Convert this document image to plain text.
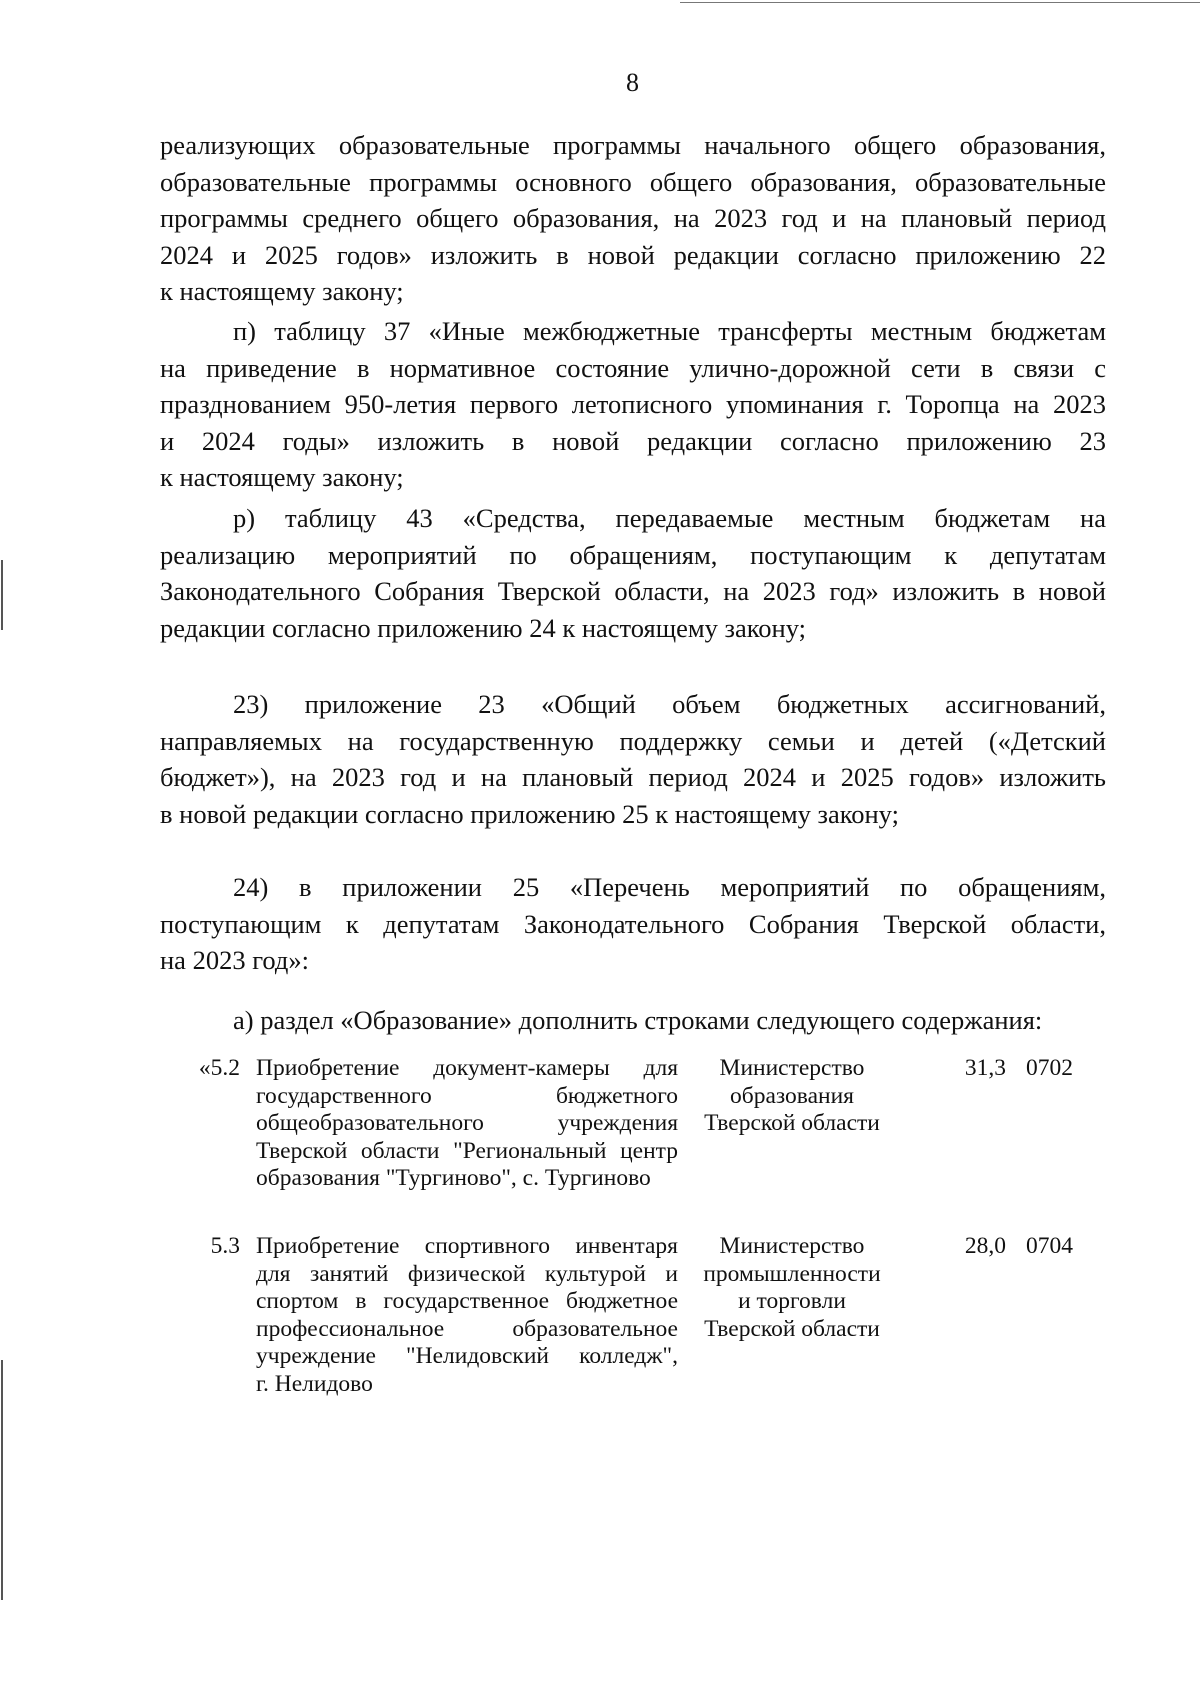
8

реализующих образовательные программы начального общего образования,
образовательные программы основного общего образования, образовательные
программы среднего общего образования, на 2023 год и на плановый период
2024 и 2025 годов» изложить в новой редакции согласно приложению 22
к настоящему закону;

п) таблицу 37 «Иные межбюджетные трансферты местным бюджетам
на приведение в нормативное состояние улично-дорожной сети в связи с
празднованием 950-летия первого летописного упоминания г. Торопца на 2023
и 2024 годы» изложить в новой редакции согласно приложению 23
к настоящему закону;

р) таблицу 43 «Средства, передаваемые местным бюджетам на
реализацию мероприятий по обращениям, поступающим к депутатам
Законодательного Собрания Тверской области, на 2023 год» изложить в новой
редакции согласно приложению 24 к настоящему закону;

23) приложение 23 «Общий объем бюджетных ассигнований,
направляемых на государственную поддержку семьи и детей («Детский
бюджет»), на 2023 год и на плановый период 2024 и 2025 годов» изложить
в новой редакции согласно приложению 25 к настоящему закону;

24) в приложении 25 «Перечень мероприятий по обращениям,
поступающим к депутатам Законодательного Собрания Тверской области,
на 2023 год»:

а) раздел «Образование» дополнить строками следующего содержания:

«5.2 Приобретение документ-камеры для
государственного бюджетного
общеобразовательного учреждения
Тверской области "Региональный центр
образования "Тургиново", с. Тургиново
Министерство
образования
Тверской области
31,3 0702
5.3 Приобретение спортивного инвентаря
для занятий физической культурой и
спортом в государственное бюджетное
профессиональное образовательное
учреждение "Нелидовский колледж",
г. Нелидово
Министерство
промышленности
и торговли
Тверской области
28,0 0704
